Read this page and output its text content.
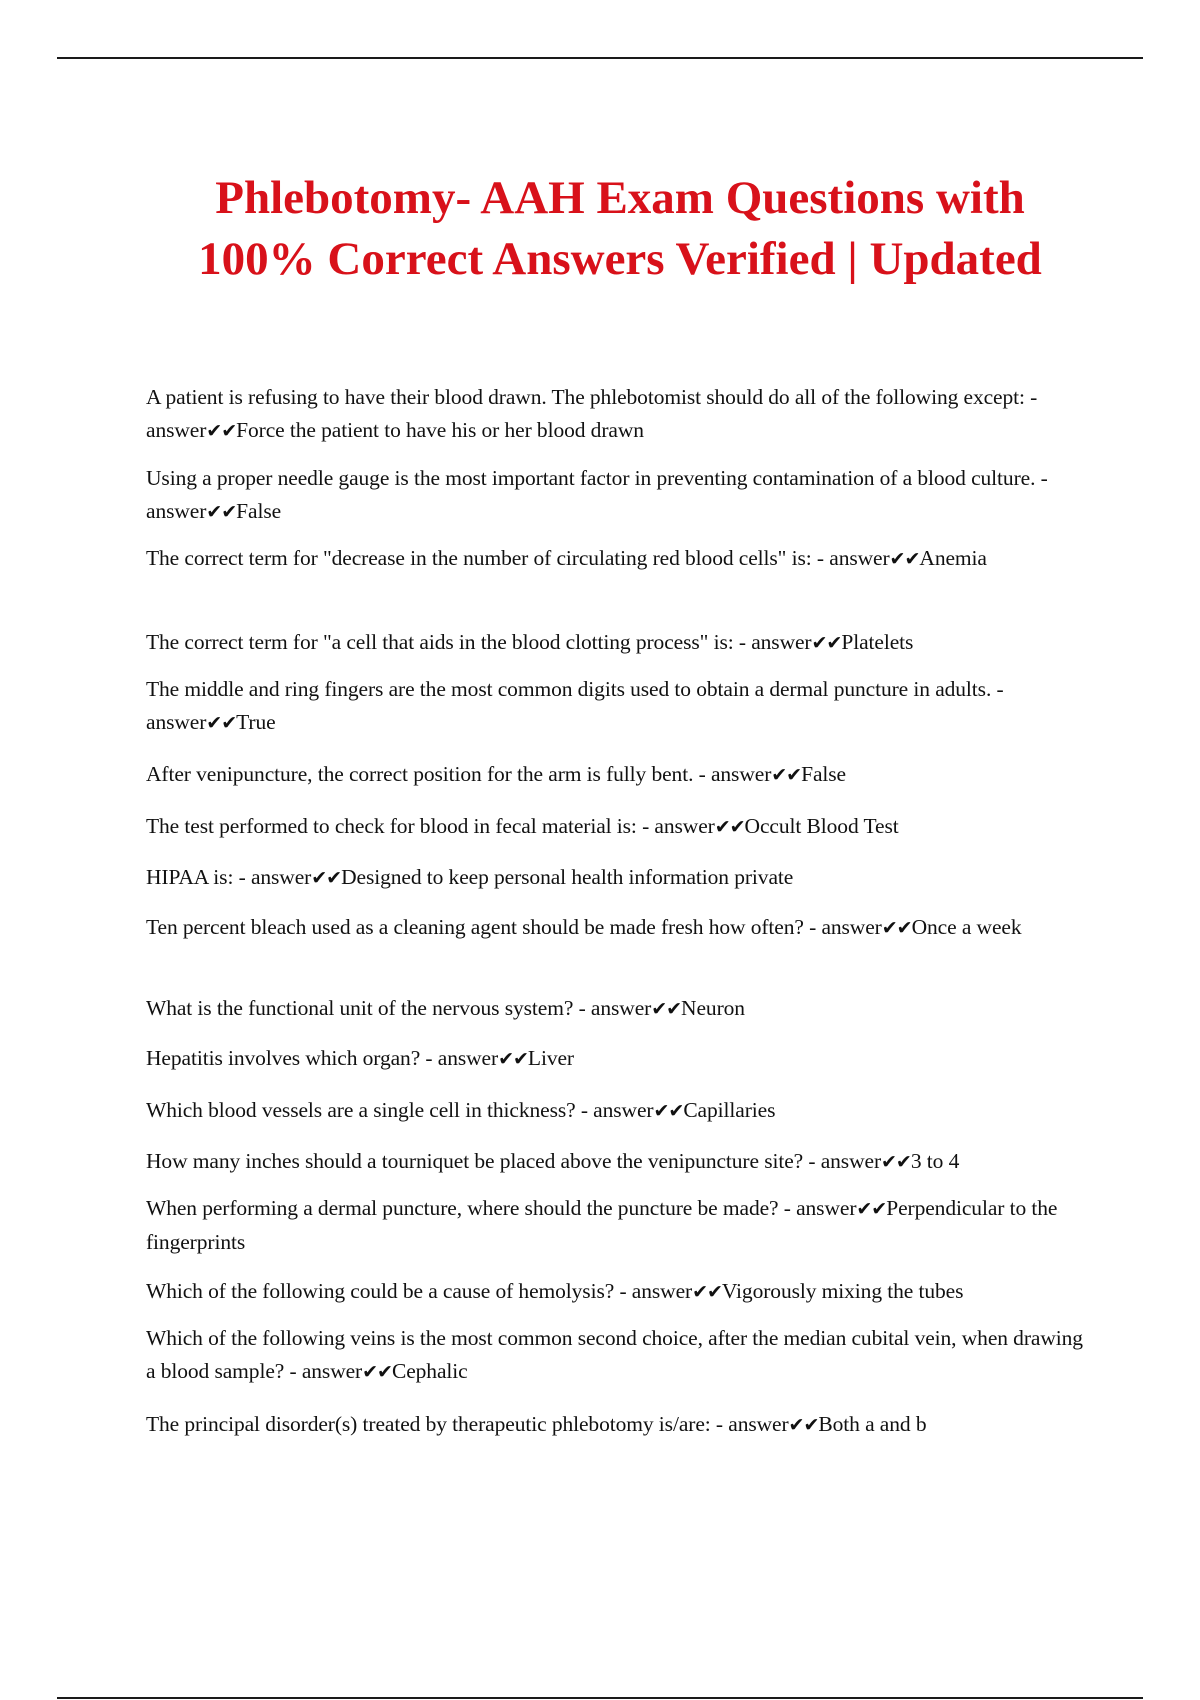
Phlebotomy- AAH Exam Questions with
100% Correct Answers Verified | Updated

A patient is refusing to have their blood drawn. The phlebotomist should do all of the following except: - answer✔✔Force the patient to have his or her blood drawn

Using a proper needle gauge is the most important factor in preventing contamination of a blood culture. - answer✔✔False

The correct term for "decrease in the number of circulating red blood cells" is: - answer✔✔Anemia

The correct term for "a cell that aids in the blood clotting process" is: - answer✔✔Platelets

The middle and ring fingers are the most common digits used to obtain a dermal puncture in adults. - answer✔✔True

After venipuncture, the correct position for the arm is fully bent. - answer✔✔False

The test performed to check for blood in fecal material is: - answer✔✔Occult Blood Test

HIPAA is: - answer✔✔Designed to keep personal health information private

Ten percent bleach used as a cleaning agent should be made fresh how often? - answer✔✔Once a week

What is the functional unit of the nervous system? - answer✔✔Neuron

Hepatitis involves which organ? - answer✔✔Liver

Which blood vessels are a single cell in thickness? - answer✔✔Capillaries

How many inches should a tourniquet be placed above the venipuncture site? - answer✔✔3 to 4

When performing a dermal puncture, where should the puncture be made? - answer✔✔Perpendicular to the fingerprints

Which of the following could be a cause of hemolysis? - answer✔✔Vigorously mixing the tubes

Which of the following veins is the most common second choice, after the median cubital vein, when drawing a blood sample? - answer✔✔Cephalic

The principal disorder(s) treated by therapeutic phlebotomy is/are: - answer✔✔Both a and b
